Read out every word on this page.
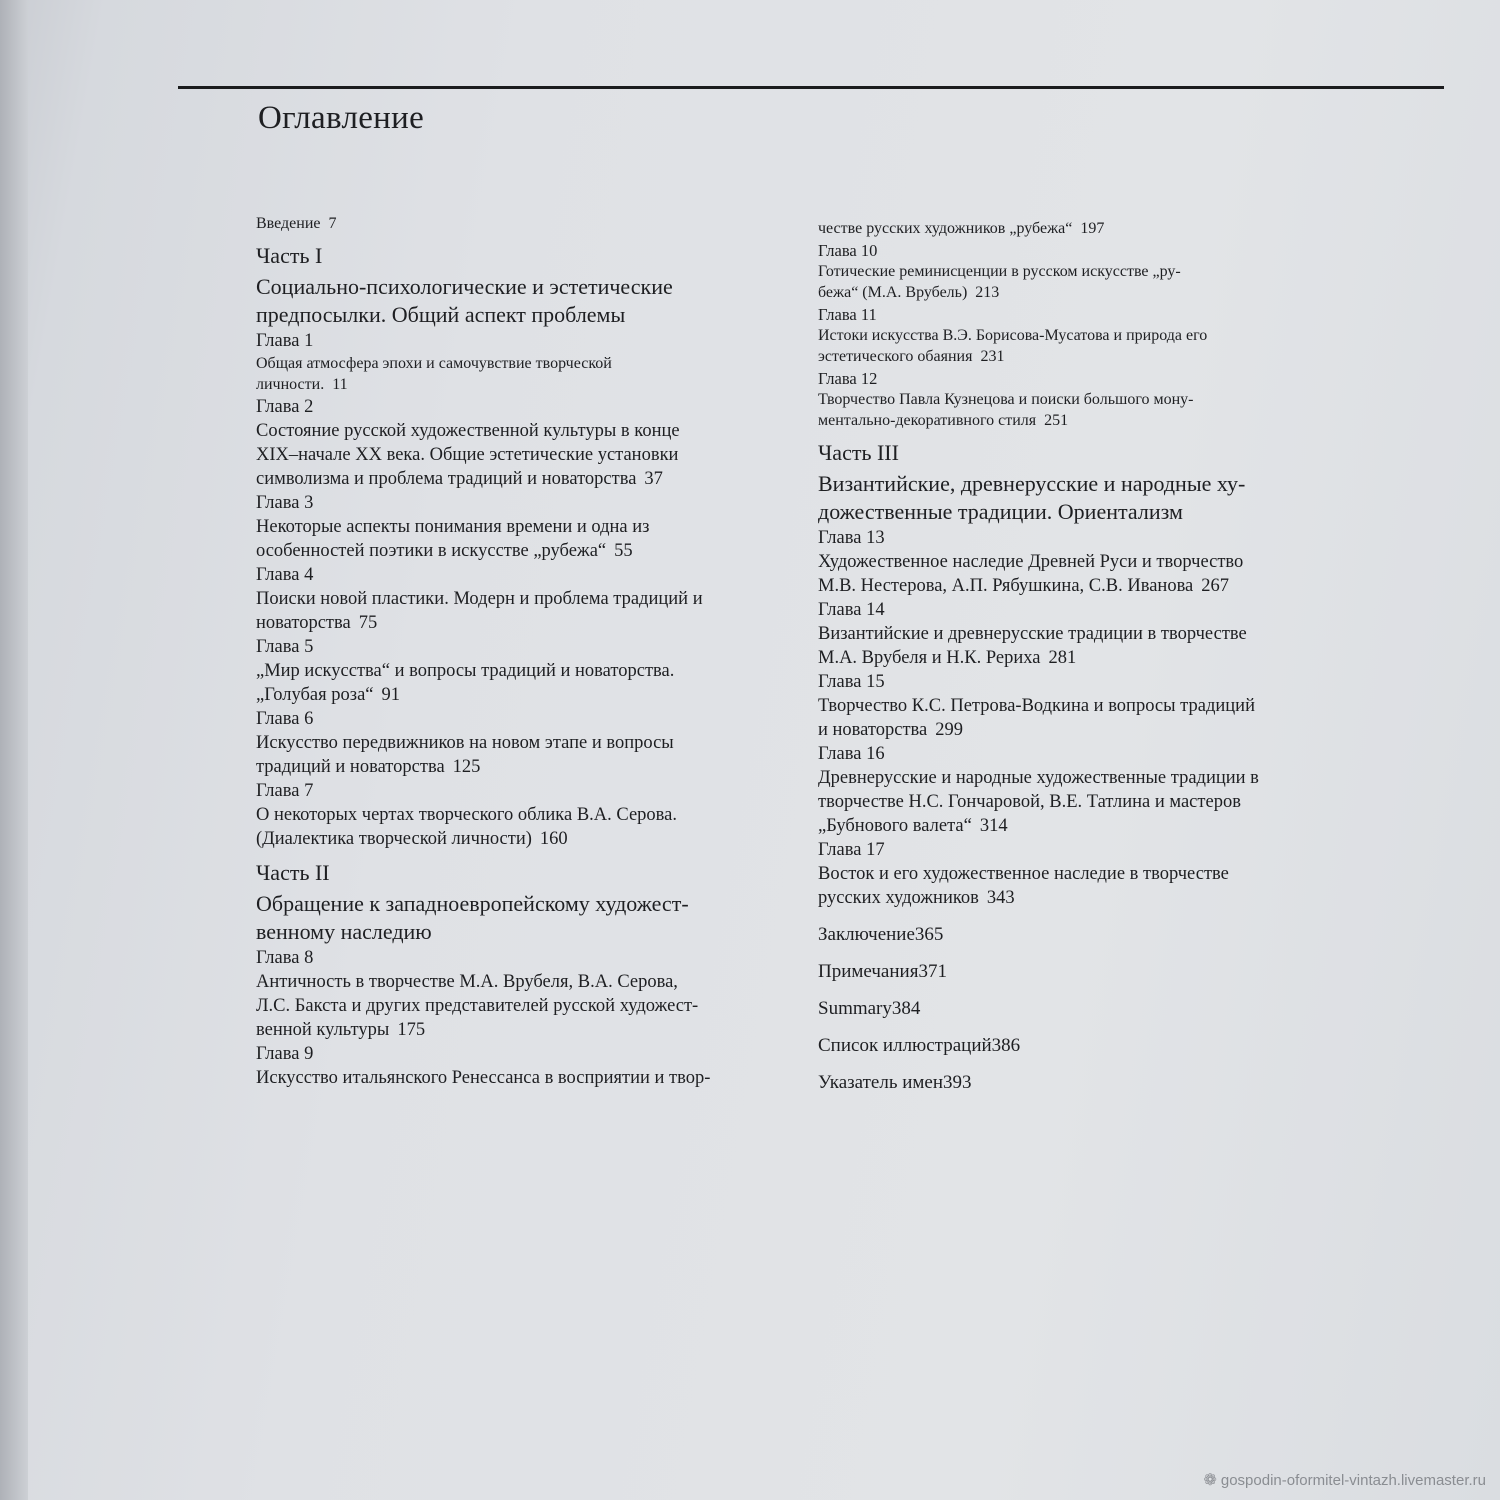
Оглавление
Введение 7
Часть I
Социально-психологические и эстетические
предпосылки. Общий аспект проблемы
Глава 1
Общая атмосфера эпохи и самочувствие творческой
личности. 11
Глава 2
Состояние русской художественной культуры в конце
XIX–начале XX века. Общие эстетические установки
символизма и проблема традиций и новаторства 37
Глава 3
Некоторые аспекты понимания времени и одна из
особенностей поэтики в искусстве „рубежа“ 55
Глава 4
Поиски новой пластики. Модерн и проблема традиций и
новаторства 75
Глава 5
„Мир искусства“ и вопросы традиций и новаторства.
„Голубая роза“ 91
Глава 6
Искусство передвижников на новом этапе и вопросы
традиций и новаторства 125
Глава 7
О некоторых чертах творческого облика В.А. Серова.
(Диалектика творческой личности) 160
Часть II
Обращение к западноевропейскому художест-
венному наследию
Глава 8
Античность в творчестве М.А. Врубеля, В.А. Серова,
Л.С. Бакста и других представителей русской художест-
венной культуры 175
Глава 9
Искусство итальянского Ренессанса в восприятии и твор-
честве русских художников „рубежа“ 197
Глава 10
Готические реминисценции в русском искусстве „ру-
бежа“ (М.А. Врубель) 213
Глава 11
Истоки искусства В.Э. Борисова-Мусатова и природа его
эстетического обаяния 231
Глава 12
Творчество Павла Кузнецова и поиски большого мону-
ментально-декоративного стиля 251
Часть III
Византийские, древнерусские и народные ху-
дожественные традиции. Ориентализм
Глава 13
Художественное наследие Древней Руси и творчество
М.В. Нестерова, А.П. Рябушкина, С.В. Иванова 267
Глава 14
Византийские и древнерусские традиции в творчестве
М.А. Врубеля и Н.К. Рериха 281
Глава 15
Творчество К.С. Петрова-Водкина и вопросы традиций
и новаторства 299
Глава 16
Древнерусские и народные художественные традиции в
творчестве Н.С. Гончаровой, В.Е. Татлина и мастеров
„Бубнового валета“ 314
Глава 17
Восток и его художественное наследие в творчестве
русских художников 343
Заключение365
Примечания371
Summary384
Список иллюстраций386
Указатель имен393
❁ gospodin-oformitel-vintazh.livemaster.ru
